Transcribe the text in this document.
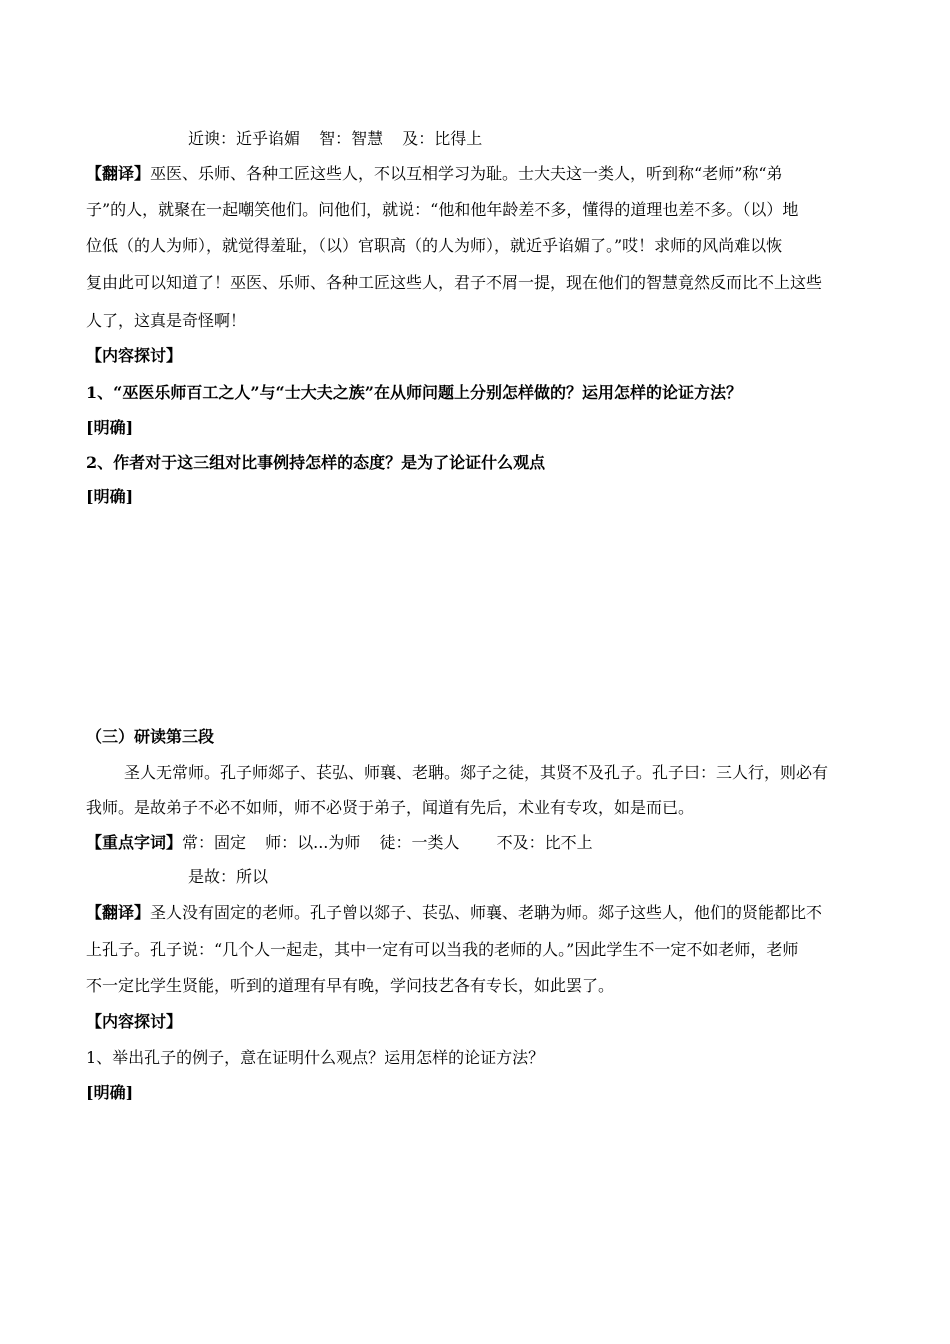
近谀：近乎谄媚 智：智慧 及：比得上
【翻译】巫医、乐师、各种工匠这些人，不以互相学习为耻。士大夫这一类人，听到称“老师”称“弟
子”的人，就聚在一起嘲笑他们。问他们，就说：“他和他年龄差不多，懂得的道理也差不多。（以）地
位低（的人为师），就觉得羞耻，（以）官职高（的人为师），就近乎谄媚了。”哎！求师的风尚难以恢
复由此可以知道了！巫医、乐师、各种工匠这些人，君子不屑一提，现在他们的智慧竟然反而比不上这些
人了，这真是奇怪啊！
【内容探讨】
1、“巫医乐师百工之人”与“士大夫之族”在从师问题上分别怎样做的？运用怎样的论证方法？
[明确]
2、作者对于这三组对比事例持怎样的态度？是为了论证什么观点
[明确]
（三）研读第三段
圣人无常师。孔子师郯子、苌弘、师襄、老聃。郯子之徒，其贤不及孔子。孔子曰：三人行，则必有
我师。是故弟子不必不如师，师不必贤于弟子，闻道有先后，术业有专攻，如是而已。
【重点字词】常：固定 师：以...为师 徒：一类人 不及：比不上
是故：所以
【翻译】圣人没有固定的老师。孔子曾以郯子、苌弘、师襄、老聃为师。郯子这些人，他们的贤能都比不
上孔子。孔子说：“几个人一起走，其中一定有可以当我的老师的人。”因此学生不一定不如老师，老师
不一定比学生贤能，听到的道理有早有晚，学问技艺各有专长，如此罢了。
【内容探讨】
1、举出孔子的例子，意在证明什么观点？运用怎样的论证方法？
[明确]
